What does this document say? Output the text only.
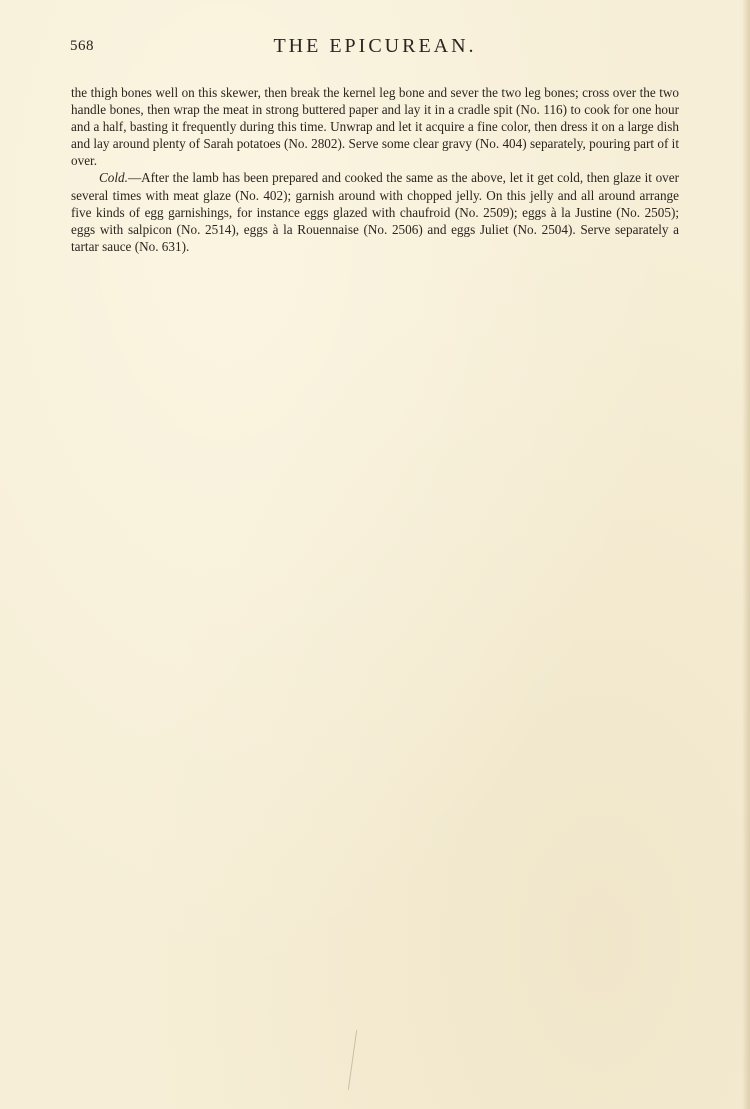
568	THE EPICUREAN.

the thigh bones well on this skewer, then break the kernel leg bone and sever the two leg bones; cross over the two handle bones, then wrap the meat in strong buttered paper and lay it in a cradle spit (No. 116) to cook for one hour and a half, basting it frequently during this time. Unwrap and let it acquire a fine color, then dress it on a large dish and lay around plenty of Sarah potatoes (No. 2802). Serve some clear gravy (No. 404) separately, pouring part of it over.

Cold.—After the lamb has been prepared and cooked the same as the above, let it get cold, then glaze it over several times with meat glaze (No. 402); garnish around with chopped jelly. On this jelly and all around arrange five kinds of egg garnishings, for instance eggs glazed with chaufroid (No. 2509); eggs à la Justine (No. 2505); eggs with salpicon (No. 2514), eggs à la Rouennaise (No. 2506) and eggs Juliet (No. 2504). Serve separately a tartar sauce (No. 631).
